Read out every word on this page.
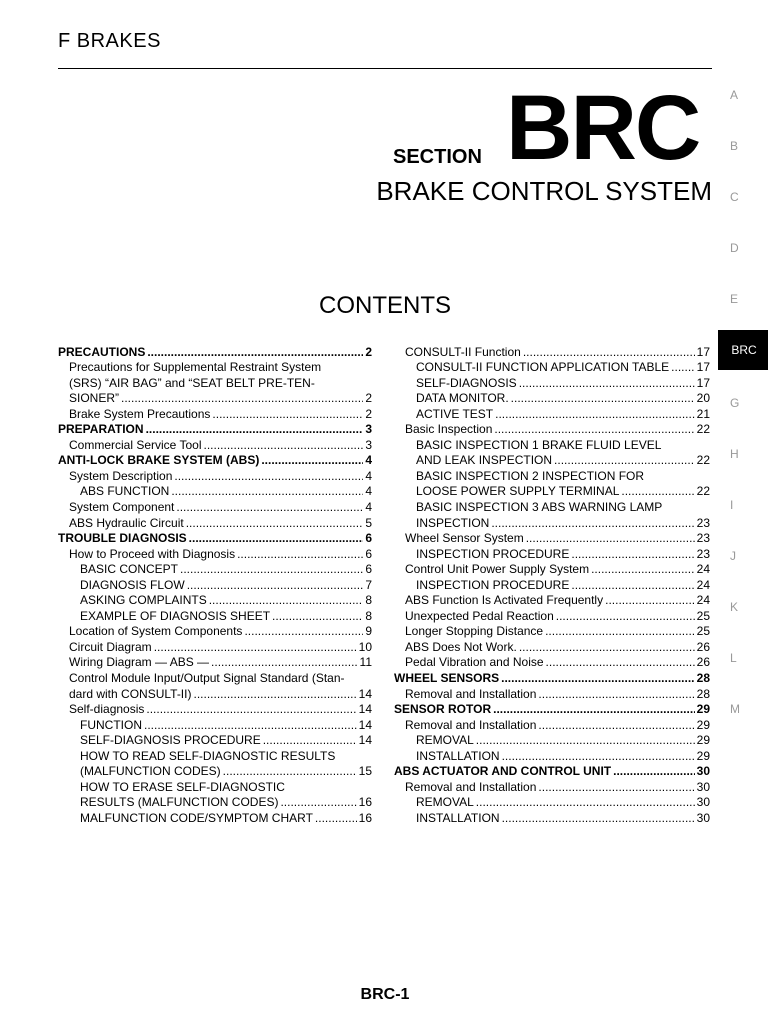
F BRAKES
SECTION BRC
BRAKE CONTROL SYSTEM
CONTENTS
A
B
C
D
E
BRC
G
H
I
J
K
L
M
PRECAUTIONS .....	2
Precautions for Supplemental Restraint System
(SRS) “AIR BAG” and “SEAT BELT PRE-TEN-
SIONER” .....	2
Brake System Precautions .....	2
PREPARATION .....	3
Commercial Service Tool .....	3
ANTI-LOCK BRAKE SYSTEM (ABS) .....	4
System Description .....	4
ABS FUNCTION .....	4
System Component .....	4
ABS Hydraulic Circuit .....	5
TROUBLE DIAGNOSIS .....	6
How to Proceed with Diagnosis .....	6
BASIC CONCEPT .....	6
DIAGNOSIS FLOW .....	7
ASKING COMPLAINTS .....	8
EXAMPLE OF DIAGNOSIS SHEET .....	8
Location of System Components .....	9
Circuit Diagram .....	10
Wiring Diagram — ABS — .....	11
Control Module Input/Output Signal Standard (Stan-
dard with CONSULT-II) .....	14
Self-diagnosis .....	14
FUNCTION .....	14
SELF-DIAGNOSIS PROCEDURE .....	14
HOW TO READ SELF-DIAGNOSTIC RESULTS
(MALFUNCTION CODES) .....	15
HOW TO ERASE SELF-DIAGNOSTIC
RESULTS (MALFUNCTION CODES) .....	16
MALFUNCTION CODE/SYMPTOM CHART .....	16
CONSULT-II Function .....	17
CONSULT-II FUNCTION APPLICATION TABLE ..... 17
SELF-DIAGNOSIS .....	17
DATA MONITOR. .....	20
ACTIVE TEST .....	21
Basic Inspection .....	22
BASIC INSPECTION 1 BRAKE FLUID LEVEL
AND LEAK INSPECTION .....	22
BASIC INSPECTION 2 INSPECTION FOR
LOOSE POWER SUPPLY TERMINAL .....	22
BASIC INSPECTION 3 ABS WARNING LAMP
INSPECTION .....	23
Wheel Sensor System .....	23
INSPECTION PROCEDURE .....	23
Control Unit Power Supply System .....	24
INSPECTION PROCEDURE .....	24
ABS Function Is Activated Frequently .....	24
Unexpected Pedal Reaction .....	25
Longer Stopping Distance .....	25
ABS Does Not Work. .....	26
Pedal Vibration and Noise .....	26
WHEEL SENSORS .....	28
Removal and Installation .....	28
SENSOR ROTOR .....	29
Removal and Installation .....	29
REMOVAL .....	29
INSTALLATION .....	29
ABS ACTUATOR AND CONTROL UNIT .....	30
Removal and Installation .....	30
REMOVAL .....	30
INSTALLATION .....	30
BRC-1
